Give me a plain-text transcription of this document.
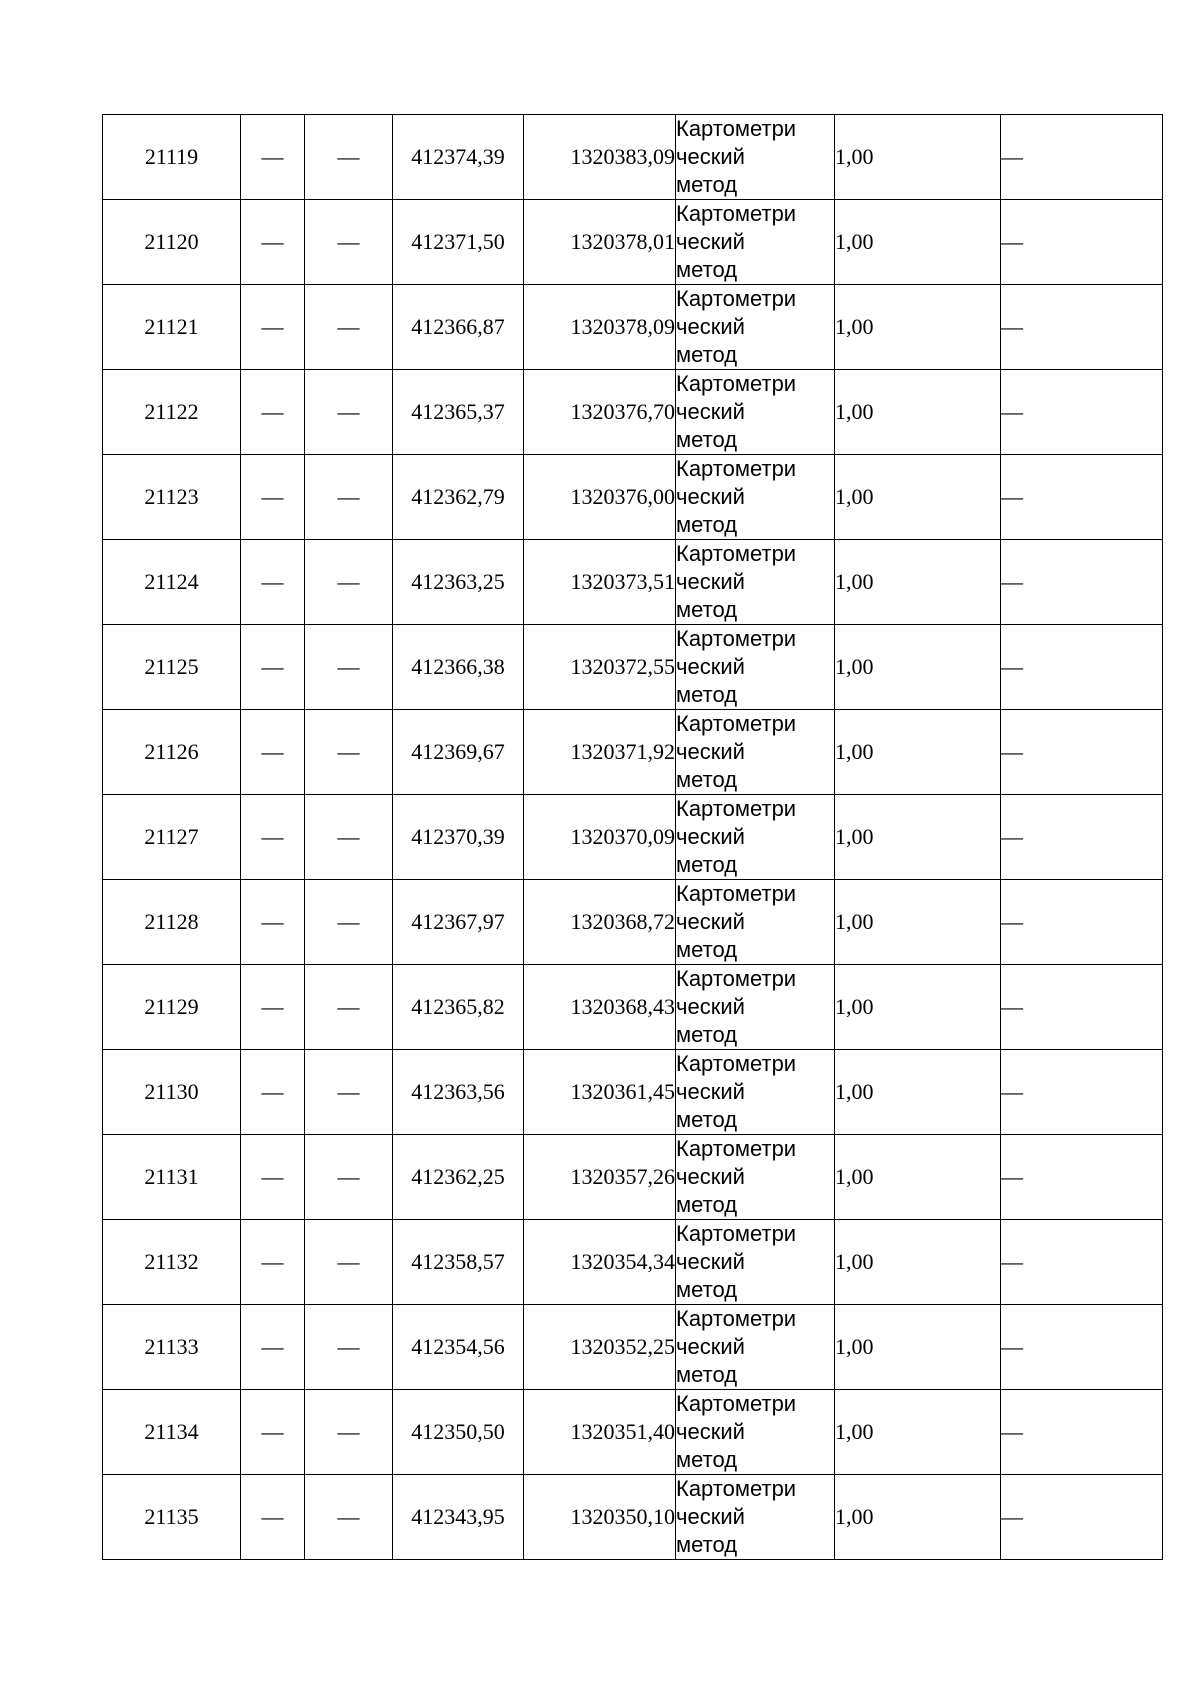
21119	—	—	412374,39	1320383,09	Картометри
ческий
метод	1,00	—
21120	—	—	412371,50	1320378,01	Картометри
ческий
метод	1,00	—
21121	—	—	412366,87	1320378,09	Картометри
ческий
метод	1,00	—
21122	—	—	412365,37	1320376,70	Картометри
ческий
метод	1,00	—
21123	—	—	412362,79	1320376,00	Картометри
ческий
метод	1,00	—
21124	—	—	412363,25	1320373,51	Картометри
ческий
метод	1,00	—
21125	—	—	412366,38	1320372,55	Картометри
ческий
метод	1,00	—
21126	—	—	412369,67	1320371,92	Картометри
ческий
метод	1,00	—
21127	—	—	412370,39	1320370,09	Картометри
ческий
метод	1,00	—
21128	—	—	412367,97	1320368,72	Картометри
ческий
метод	1,00	—
21129	—	—	412365,82	1320368,43	Картометри
ческий
метод	1,00	—
21130	—	—	412363,56	1320361,45	Картометри
ческий
метод	1,00	—
21131	—	—	412362,25	1320357,26	Картометри
ческий
метод	1,00	—
21132	—	—	412358,57	1320354,34	Картометри
ческий
метод	1,00	—
21133	—	—	412354,56	1320352,25	Картометри
ческий
метод	1,00	—
21134	—	—	412350,50	1320351,40	Картометри
ческий
метод	1,00	—
21135	—	—	412343,95	1320350,10	Картометри
ческий
метод	1,00	—
